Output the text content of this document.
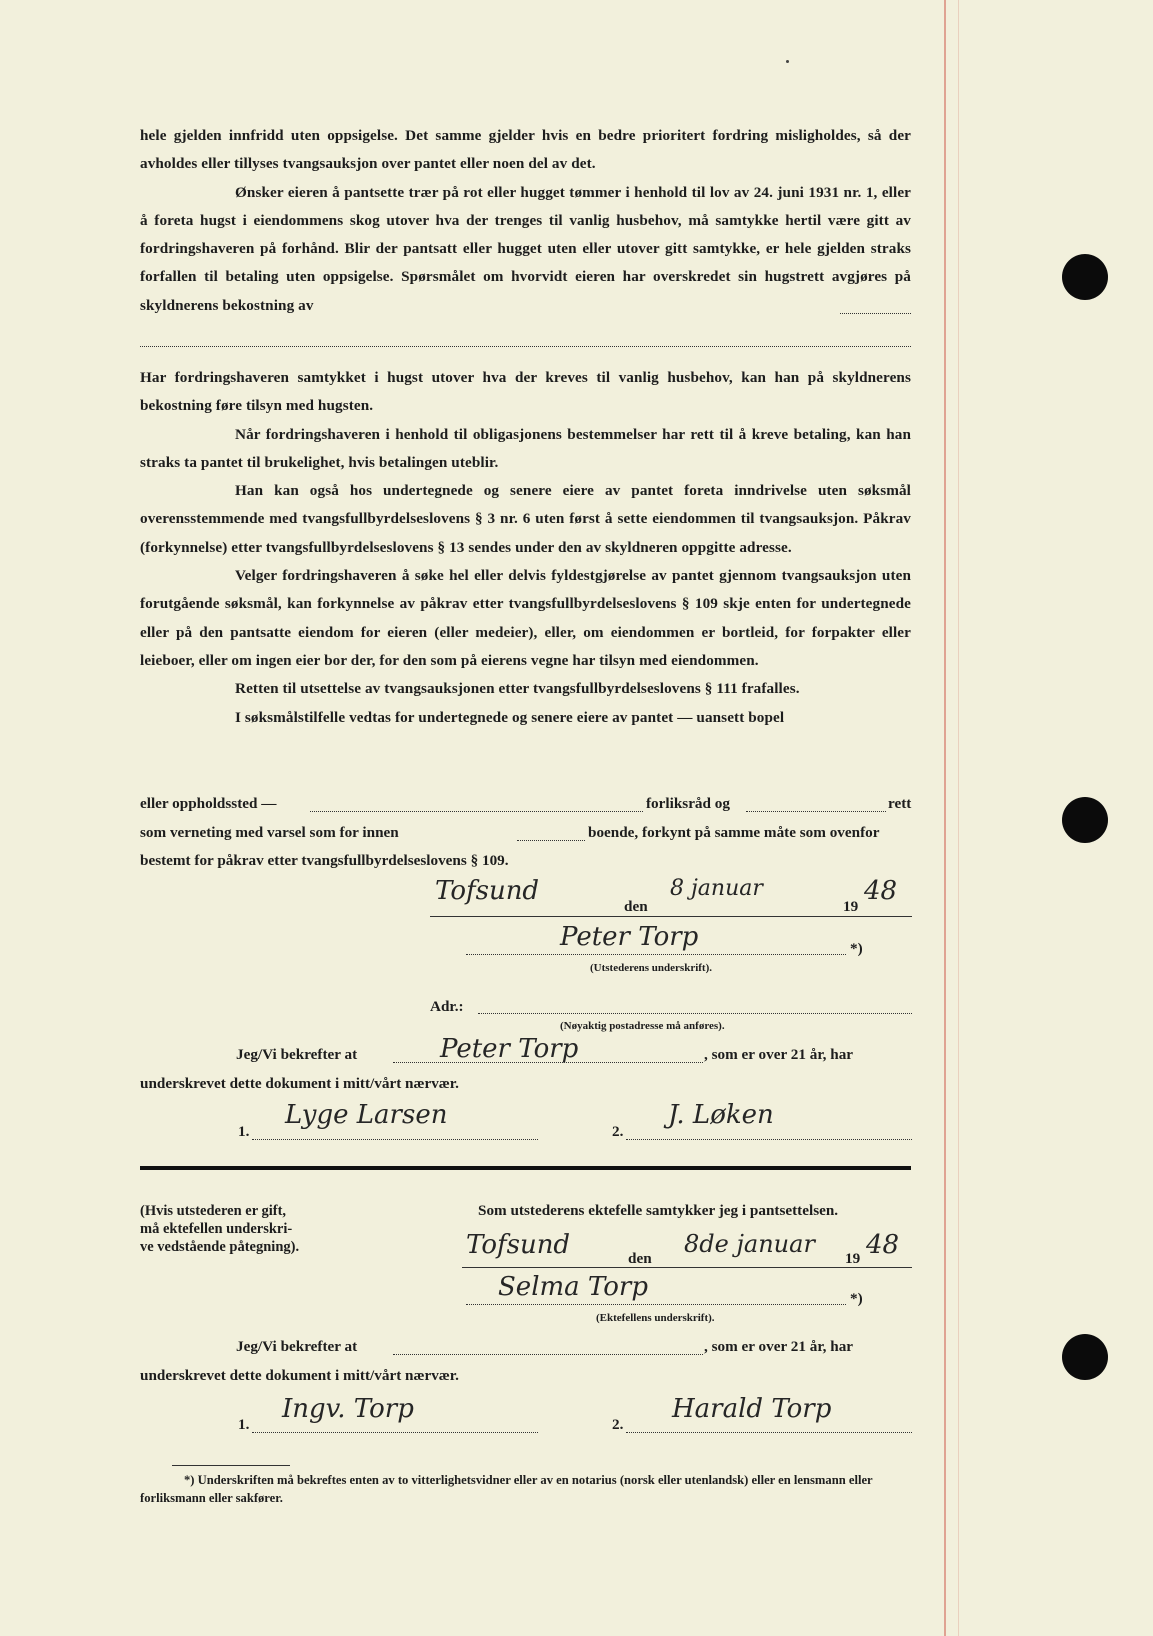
hele gjelden innfridd uten oppsigelse. Det samme gjelder hvis en bedre prioritert fordring misligholdes, så der avholdes eller tillyses tvangsauksjon over pantet eller noen del av det.

Ønsker eieren å pantsette trær på rot eller hugget tømmer i henhold til lov av 24. juni 1931 nr. 1, eller å foreta hugst i eiendommens skog utover hva der trenges til vanlig husbehov, må samtykke hertil være gitt av fordringshaveren på forhånd. Blir der pantsatt eller hugget uten eller utover gitt samtykke, er hele gjelden straks forfallen til betaling uten oppsigelse. Spørsmålet om hvorvidt eieren har overskredet sin hugstrett avgjøres på skyldnerens bekostning av

Har fordringshaveren samtykket i hugst utover hva der kreves til vanlig husbehov, kan han på skyldnerens bekostning føre tilsyn med hugsten.

Når fordringshaveren i henhold til obligasjonens bestemmelser har rett til å kreve betaling, kan han straks ta pantet til brukelighet, hvis betalingen uteblir.

Han kan også hos undertegnede og senere eiere av pantet foreta inndrivelse uten søksmål overensstemmende med tvangsfullbyrdelseslovens § 3 nr. 6 uten først å sette eiendommen til tvangsauksjon. Påkrav (forkynnelse) etter tvangsfullbyrdelseslovens § 13 sendes under den av skyldneren oppgitte adresse.

Velger fordringshaveren å søke hel eller delvis fyldestgjørelse av pantet gjennom tvangsauksjon uten forutgående søksmål, kan forkynnelse av påkrav etter tvangsfullbyrdelseslovens § 109 skje enten for undertegnede eller på den pantsatte eiendom for eieren (eller medeier), eller, om eiendommen er bortleid, for forpakter eller leieboer, eller om ingen eier bor der, for den som på eierens vegne har tilsyn med eiendommen.

Retten til utsettelse av tvangsauksjonen etter tvangsfullbyrdelseslovens § 111 frafalles.

I søksmålstilfelle vedtas for undertegnede og senere eiere av pantet — uansett bopel

eller oppholdssted —	forliksråd og	rett
som verneting med varsel som for innen	boende, forkynt på samme måte som ovenfor
bestemt for påkrav etter tvangsfullbyrdelseslovens § 109.
Tofsund
den
8 januar
19
48
Peter Torp	*)
(Utstederens underskrift).
Adr.:
(Nøyaktig postadresse må anføres).
Jeg/Vi bekrefter at	Peter Torp	, som er over 21 år, har
underskrevet dette dokument i mitt/vårt nærvær.
1.
Lyge Larsen
2.
J. Løken
(Hvis utstederen er gift,
må ektefellen underskri-
ve vedstående påtegning).
Som utstederens ektefelle samtykker jeg i pantsettelsen.
Tofsund	den
8de januar
19 48
Selma Torp	*)
(Ektefellens underskrift).
Jeg/Vi bekrefter at	, som er over 21 år, har
underskrevet dette dokument i mitt/vårt nærvær.
1.
Ingv. Torp
2.
Harald Torp

*) Underskriften må bekreftes enten av to vitterlighetsvidner eller av en notarius (norsk eller utenlandsk) eller en lensmann eller forliksmann eller sakfører.
